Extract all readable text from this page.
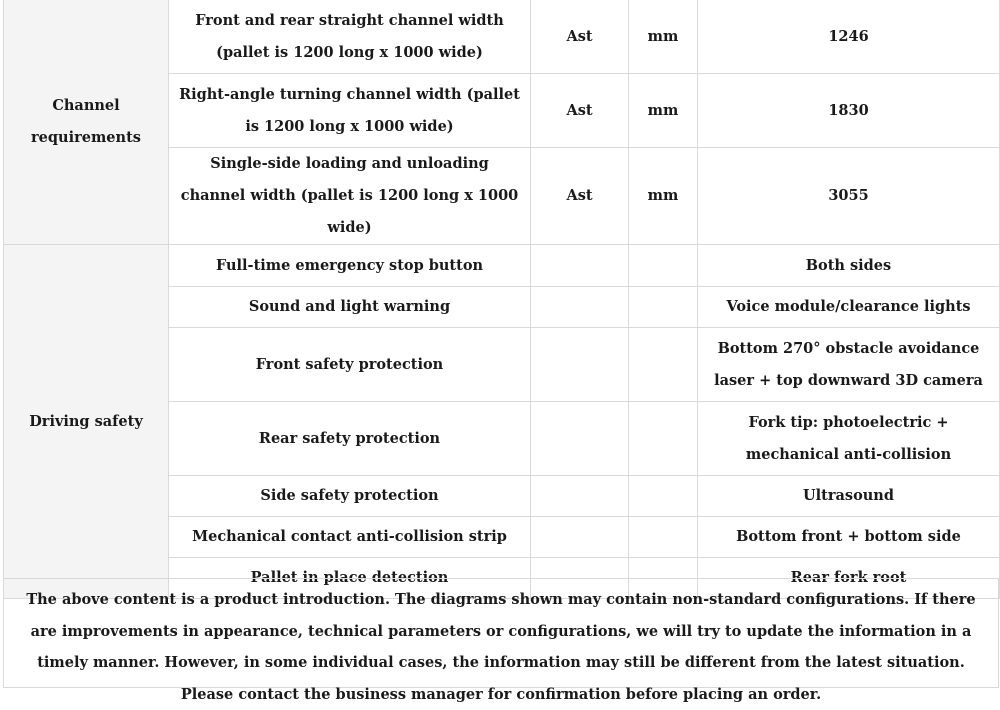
Channel requirements	Front and rear straight channel width (pallet is 1200 long x 1000 wide)	Ast	mm	1246
	Right-angle turning channel width (pallet is 1200 long x 1000 wide)	Ast	mm	1830
	Single-side loading and unloading channel width (pallet is 1200 long x 1000 wide)	Ast	mm	3055
Driving safety	Full-time emergency stop button			Both sides
	Sound and light warning			Voice module/clearance lights
	Front safety protection			Bottom 270° obstacle avoidance laser + top downward 3D camera
	Rear safety protection			Fork tip: photoelectric + mechanical anti-collision
	Side safety protection			Ultrasound
	Mechanical contact anti-collision strip			Bottom front + bottom side
	Pallet in place detection			Rear fork root
The above content is a product introduction. The diagrams shown may contain non-standard configurations. If there are improvements in appearance, technical parameters or configurations, we will try to update the information in a timely manner. However, in some individual cases, the information may still be different from the latest situation. Please contact the business manager for confirmation before placing an order.
